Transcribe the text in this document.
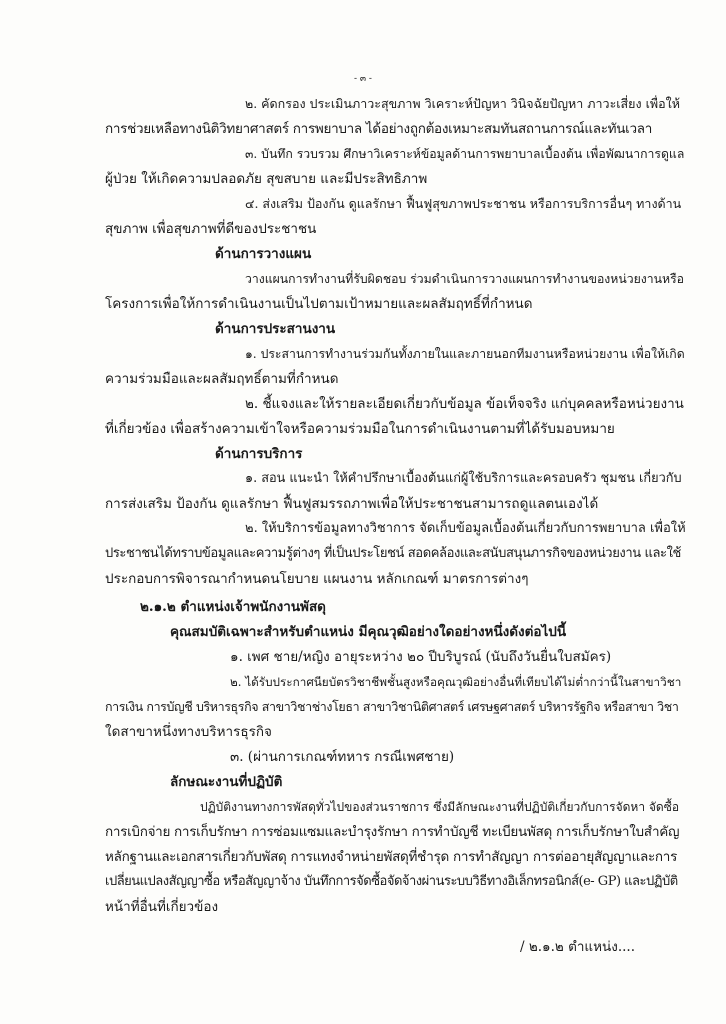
- ๓ -
๒. คัดกรอง ประเมินภาวะสุขภาพ วิเคราะห์ปัญหา วินิจฉัยปัญหา ภาวะเสี่ยง เพื่อให้
การช่วยเหลือทางนิติวิทยาศาสตร์ การพยาบาล ได้อย่างถูกต้องเหมาะสมทันสถานการณ์และทันเวลา
๓. บันทึก รวบรวม ศึกษาวิเคราะห์ข้อมูลด้านการพยาบาลเบื้องต้น เพื่อพัฒนาการดูแล
ผู้ป่วย ให้เกิดความปลอดภัย สุขสบาย และมีประสิทธิภาพ
๔. ส่งเสริม ป้องกัน ดูแลรักษา ฟื้นฟูสุขภาพประชาชน หรือการบริการอื่นๆ ทางด้าน
สุขภาพ เพื่อสุขภาพที่ดีของประชาชน
ด้านการวางแผน
วางแผนการทำงานที่รับผิดชอบ ร่วมดำเนินการวางแผนการทำงานของหน่วยงานหรือ
โครงการเพื่อให้การดำเนินงานเป็นไปตามเป้าหมายและผลสัมฤทธิ์ที่กำหนด
ด้านการประสานงาน
๑. ประสานการทำงานร่วมกันทั้งภายในและภายนอกทีมงานหรือหน่วยงาน เพื่อให้เกิด
ความร่วมมือและผลสัมฤทธิ์ตามที่กำหนด
๒. ชี้แจงและให้รายละเอียดเกี่ยวกับข้อมูล ข้อเท็จจริง แก่บุคคลหรือหน่วยงาน
ที่เกี่ยวข้อง เพื่อสร้างความเข้าใจหรือความร่วมมือในการดำเนินงานตามที่ได้รับมอบหมาย
ด้านการบริการ
๑. สอน แนะนำ ให้คำปรึกษาเบื้องต้นแก่ผู้ใช้บริการและครอบครัว ชุมชน เกี่ยวกับ
การส่งเสริม ป้องกัน ดูแลรักษา ฟื้นฟูสมรรถภาพเพื่อให้ประชาชนสามารถดูแลตนเองได้
๒. ให้บริการข้อมูลทางวิชาการ จัดเก็บข้อมูลเบื้องต้นเกี่ยวกับการพยาบาล เพื่อให้
ประชาชนได้ทราบข้อมูลและความรู้ต่างๆ ที่เป็นประโยชน์ สอดคล้องและสนับสนุนภารกิจของหน่วยงาน และใช้
ประกอบการพิจารณากำหนดนโยบาย แผนงาน หลักเกณฑ์ มาตรการต่างๆ
๒.๑.๒ ตำแหน่งเจ้าพนักงานพัสดุ
คุณสมบัติเฉพาะสำหรับตำแหน่ง มีคุณวุฒิอย่างใดอย่างหนึ่งดังต่อไปนี้
๑. เพศ ชาย/หญิง อายุระหว่าง ๒๐ ปีบริบูรณ์ (นับถึงวันยื่นใบสมัคร)
๒. ได้รับประกาศนียบัตรวิชาชีพชั้นสูงหรือคุณวุฒิอย่างอื่นที่เทียบได้ไม่ต่ำกว่านี้ในสาขาวิชา
การเงิน การบัญชี บริหารธุรกิจ สาขาวิชาช่างโยธา สาขาวิชานิติศาสตร์ เศรษฐศาสตร์ บริหารรัฐกิจ หรือสาขา วิชา
ใดสาขาหนึ่งทางบริหารธุรกิจ
๓. (ผ่านการเกณฑ์ทหาร กรณีเพศชาย)
ลักษณะงานที่ปฏิบัติ
ปฏิบัติงานทางการพัสดุทั่วไปของส่วนราชการ ซึ่งมีลักษณะงานที่ปฏิบัติเกี่ยวกับการจัดหา จัดซื้อ
การเบิกจ่าย การเก็บรักษา การซ่อมแซมและบำรุงรักษา การทำบัญชี ทะเบียนพัสดุ การเก็บรักษาใบสำคัญ
หลักฐานและเอกสารเกี่ยวกับพัสดุ การแทงจำหน่ายพัสดุที่ชำรุด การทำสัญญา การต่ออายุสัญญาและการ
เปลี่ยนแปลงสัญญาซื้อ หรือสัญญาจ้าง บันทึกการจัดซื้อจัดจ้างผ่านระบบวิธีทางอิเล็กทรอนิกส์(e- GP) และปฏิบัติ
หน้าที่อื่นที่เกี่ยวข้อง
/ ๒.๑.๒ ตำแหน่ง....
